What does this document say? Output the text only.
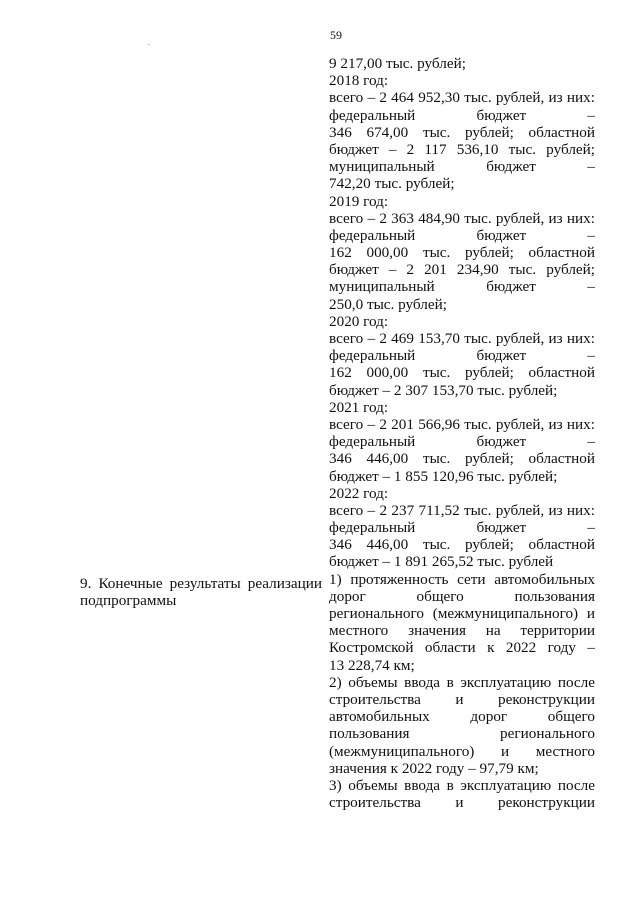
59
9 217,00 тыс. рублей;
2018 год:
всего – 2 464 952,30 тыс. рублей, из них:
федеральный бюджет –
346 674,00 тыс. рублей; областной
бюджет – 2 117 536,10 тыс. рублей;
муниципальный бюджет –
742,20 тыс. рублей;
2019 год:
всего – 2 363 484,90 тыс. рублей, из них:
федеральный бюджет –
162 000,00 тыс. рублей; областной
бюджет – 2 201 234,90 тыс. рублей;
муниципальный бюджет –
250,0 тыс. рублей;
2020 год:
всего – 2 469 153,70 тыс. рублей, из них:
федеральный бюджет –
162 000,00 тыс. рублей; областной
бюджет – 2 307 153,70 тыс. рублей;
2021 год:
всего – 2 201 566,96 тыс. рублей, из них:
федеральный бюджет –
346 446,00 тыс. рублей; областной
бюджет – 1 855 120,96 тыс. рублей;
2022 год:
всего – 2 237 711,52 тыс. рублей, из них:
федеральный бюджет –
346 446,00 тыс. рублей; областной
бюджет – 1 891 265,52 тыс. рублей
1) протяженность сети автомобильных
дорог общего пользования
регионального (межмуниципального) и
местного значения на территории
Костромской области к 2022 году –
13 228,74 км;
2) объемы ввода в эксплуатацию после
строительства и реконструкции
автомобильных дорог общего
пользования регионального
(межмуниципального) и местного
значения к 2022 году – 97,79 км;
3) объемы ввода в эксплуатацию после
строительства и реконструкции
9. Конечные результаты реализации
подпрограммы
